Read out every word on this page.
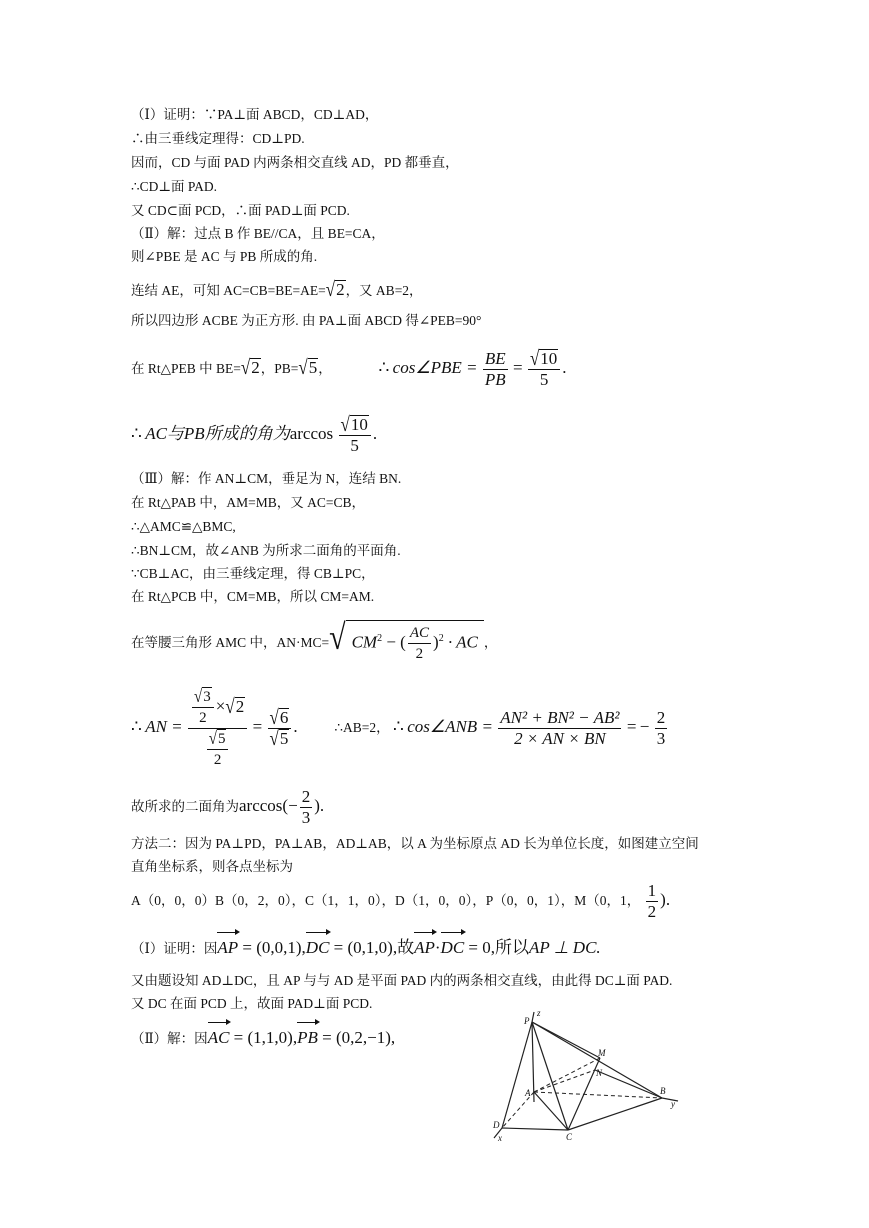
（Ⅰ）证明：∵PA⊥面 ABCD，CD⊥AD，
∴由三垂线定理得：CD⊥PD.
因而，CD 与面 PAD 内两条相交直线 AD，PD 都垂直，
∴CD⊥面 PAD.
又 CD⊂面 PCD，∴面 PAD⊥面 PCD.
（Ⅱ）解：过点 B 作 BE//CA，且 BE=CA，
则∠PBE 是 AC 与 PB 所成的角.
连结 AE，可知 AC=CB=BE=AE=√2，又 AB=2，
所以四边形 ACBE 为正方形. 由 PA⊥面 ABCD 得∠PEB=90°
在 Rt△PEB 中 BE=√2，PB=√5，	∴ cos∠PBE = $\frac{BE}{PB} = \frac{√10}{5}$ .
∴ AC与PB所成的角为$\arccos \frac{√10}{5}$ .
（Ⅲ）解：作 AN⊥CM，垂足为 N，连结 BN.
在 Rt△PAB 中，AM=MB，又 AC=CB，
∴△AMC≌△BMC,
∴BN⊥CM，故∠ANB 为所求二面角的平面角.
∵CB⊥AC，由三垂线定理，得 CB⊥PC，
在 Rt△PCB 中，CM=MB，所以 CM=AM.
在等腰三角形 AMC 中，AN·MC=√ $CM^2$ − ( $\frac{AC}{2} )^2$ · AC ，
∴ AN = $\frac{\frac{√3}{2} \times√2}{\frac{√5}{2}} = \frac{√6}{√5}$ .	∴AB=2， ∴ cos∠ANB = $\frac{\text{AN² + BN² − AB²}}{2 \times AN \times BN}$ = − $\frac{2}{3}$
故所求的二面角为$\arccos(- \frac{2}{3}$ ).
方法二：因为 PA⊥PD，PA⊥AB，AD⊥AB，以 A 为坐标原点 AD 长为单位长度，如图建立空间
直角坐标系，则各点坐标为
A（0，0，0）B（0，2，0），C（1，1，0），D（1，0，0），P（0，0，1），M（0，1， $\frac{1}{2}$ ).
（Ⅰ）证明：因AP = (0,0,1),DC = (0,1,0),故AP·DC = 0,所以AP ⊥ DC.
又由题设知 AD⊥DC，且 AP 与与 AD 是平面 PAD 内的两条相交直线，由此得 DC⊥面 PAD.
又 DC 在面 PCD 上，故面 PAD⊥面 PCD.
（Ⅱ）解：因AC = (1,1,0),PB = (0,2,−1),
P
z
M
N
A	B
y
D
x	C
